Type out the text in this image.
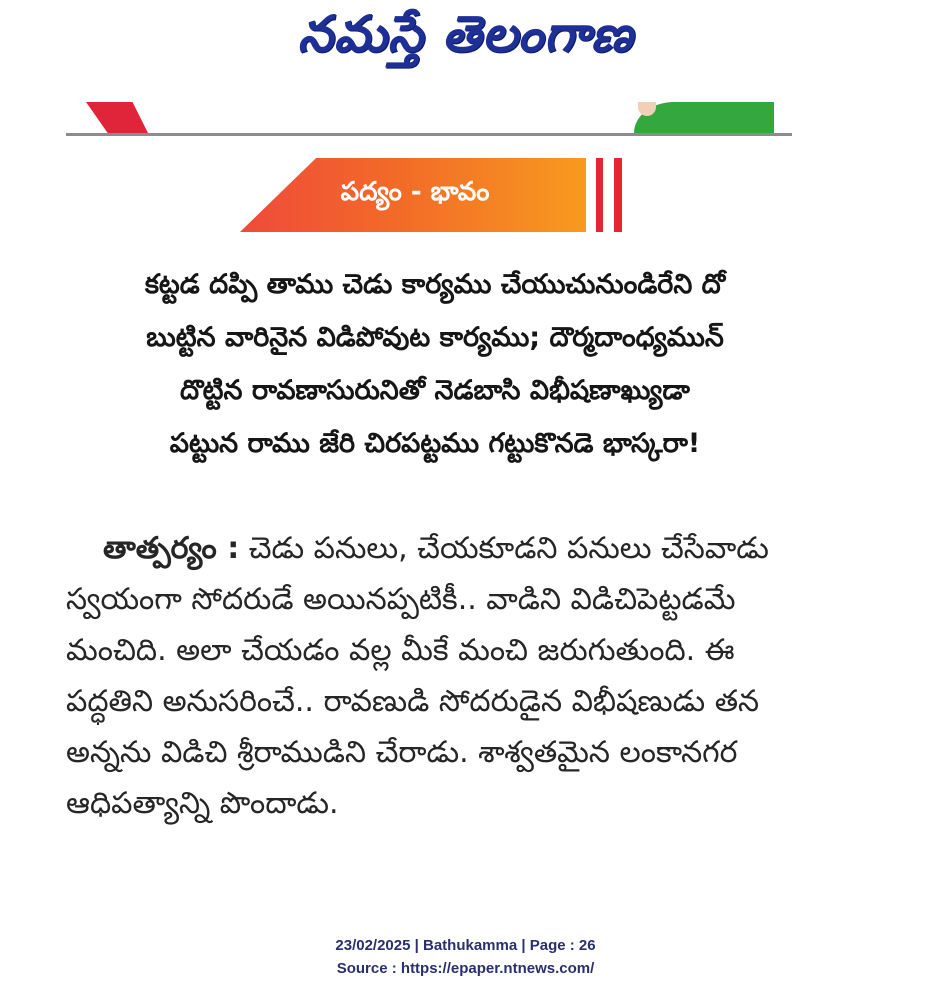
నమస్తే తెలంగాణ
పద్యం - భావం
కట్టడ దప్పి తాము చెడు కార్యము చేయుచునుండిరేని దో
బుట్టిన వారినైన విడిపోవుట కార్యము; దౌర్మదాంధ్యమున్
దొట్టిన రావణాసురునితో నెడబాసి విభీషణాఖ్యుడా
పట్టున రాము జేరి చిరపట్టము గట్టుకొనడె భాస్కరా!
తాత్పర్యం : చెడు పనులు, చేయకూడని పనులు చేసేవాడు స్వయంగా సోదరుడే అయినప్పటికీ.. వాడిని విడిచిపెట్టడమే మంచిది. అలా చేయడం వల్ల మీకే మంచి జరుగుతుంది. ఈ పద్ధతిని అనుసరించే.. రావణుడి సోదరుడైన విభీషణుడు తన అన్నను విడిచి శ్రీరాముడిని చేరాడు. శాశ్వతమైన లంకానగర ఆధిపత్యాన్ని పొందాడు.
23/02/2025 | Bathukamma | Page : 26
Source : https://epaper.ntnews.com/
